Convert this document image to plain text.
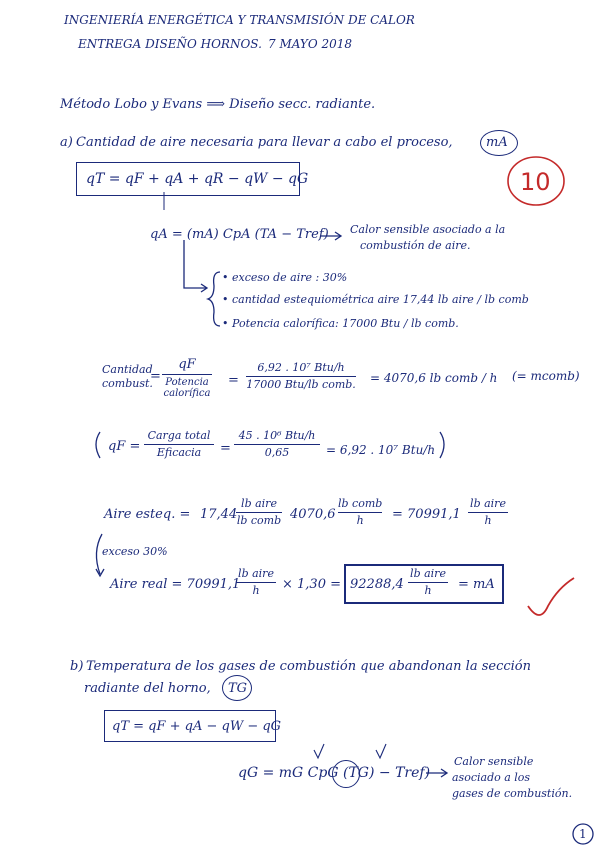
INGENIERÍA ENERGÉTICA Y TRANSMISIÓN DE CALOR
ENTREGA DISEÑO HORNOS. 7 MAYO 2018
Método Lobo y Evans ⟹ Diseño secc. radiante.
a) Cantidad de aire necesaria para llevar a cabo el proceso,	mA
10
qT = qF + qA + qR − qW − qG
qA = (mA) CpA (TA − Tref) Calor sensible asociado a la
combustión de aire.
• exceso de aire : 30%
• cantidad estequiométrica aire 17,44 lb aire / lb comb
• Potencia calorífica: 17000 Btu / lb comb.
Cantidad
combust.
=
qF
Potencia
calorífica
=
6,92 . 10⁷ Btu/h
17000 Btu/lb comb. = 4070,6 lb comb / h (= mcomb)
qF =
Carga total
Eficacia =
45 . 10⁶ Btu/h
0,65	= 6,92 . 10⁷ Btu/h
Aire esteq. = 17,44
lb aire
lb comb 4070,6
lb comb
h = 70991,1
lb aire
h
exceso 30%
Aire real = 70991,1
lb aire
h × 1,30 = 92288,4
lb aire
h = mA
b) Temperatura de los gases de combustión que abandonan la sección
radiante del horno, TG
qT = qF + qA − qW − qG
qG = mG CpG (TG) − Tref)
Calor sensible
asociado a los
gases de combustión.
1
